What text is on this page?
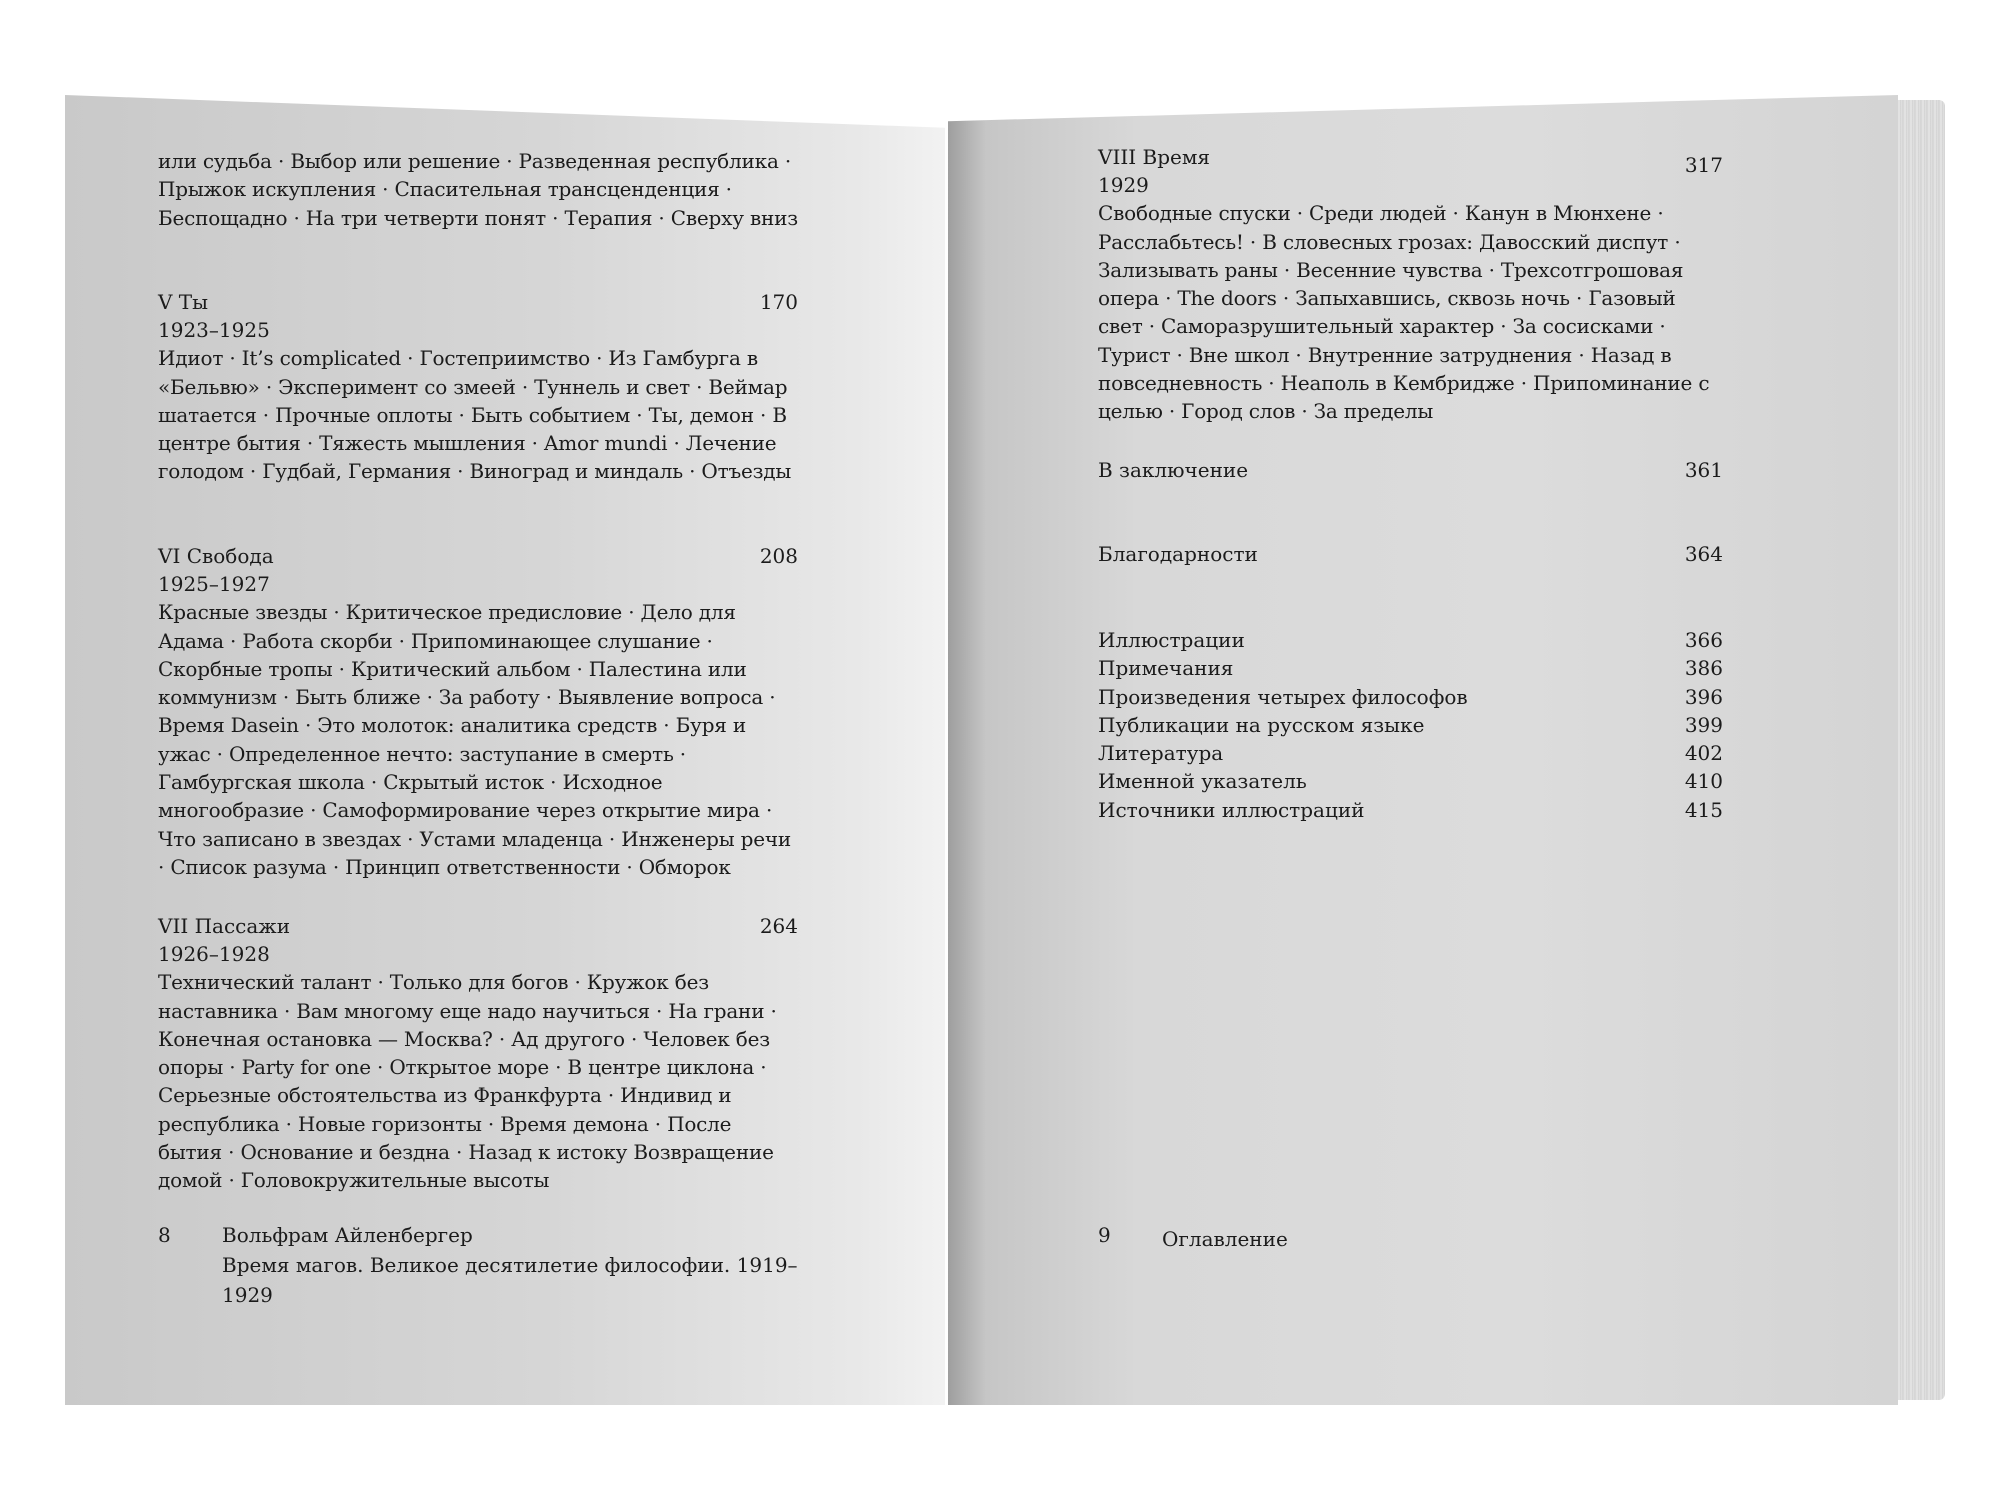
или судьба · Выбор или решение · Разведенная республика · Прыжок искупления · Спасительная трансценденция · Беспощадно · На три четверти понят · Терапия · Сверху вниз
V Ты	170
1923–1925
Идиот · It’s complicated · Гостеприимство · Из Гамбурга в «Бельвю» · Эксперимент со змеей · Туннель и свет · Веймар шатается · Прочные оплоты · Быть событием · Ты, демон · В центре бытия · Тяжесть мышления · Amor mundi · Лечение голодом · Гудбай, Германия · Виноград и миндаль · Отъезды
VI Свобода	208
1925–1927
Красные звезды · Критическое предисловие · Дело для Адама · Работа скорби · Припоминающее слушание · Скорбные тропы · Критический альбом · Палестина или коммунизм · Быть ближе · За работу · Выявление вопроса · Время Dasein · Это молоток: аналитика средств · Буря и ужас · Определенное нечто: заступание в смерть · Гамбургская школа · Скрытый исток · Исходное многообразие · Самоформирование через открытие мира · Что записано в звездах · Устами младенца · Инженеры речи · Список разума · Принцип ответственности · Обморок
VII Пассажи	264
1926–1928
Технический талант · Только для богов · Кружок без наставника · Вам многому еще надо научиться · На грани · Конечная остановка — Москва? · Ад другого · Человек без опоры · Party for one · Открытое море · В центре циклона · Серьезные обстоятельства из Франкфурта · Индивид и республика · Новые горизонты · Время демона · После бытия · Основание и бездна · Назад к истоку Возвращение домой · Головокружительные высоты
8	Вольфрам Айленбергер
Время магов. Великое десятилетие философии. 1919–1929
VIII Время	317
1929
Свободные спуски · Среди людей · Канун в Мюнхене · Расслабьтесь! · В словесных грозах: Давосский диспут · Зализывать раны · Весенние чувства · Трехсотгрошовая опера · The doors · Запыхавшись, сквозь ночь · Газовый свет · Саморазрушительный характер · За сосисками · Турист · Вне школ · Внутренние затруднения · Назад в повседневность · Неаполь в Кембридже · Припоминание с целью · Город слов · За пределы
В заключение	361
Благодарности	364
Иллюстрации	366
Примечания	386
Произведения четырех философов	396
Публикации на русском языке	399
Литература	402
Именной указатель	410
Источники иллюстраций	415
9	Оглавление
